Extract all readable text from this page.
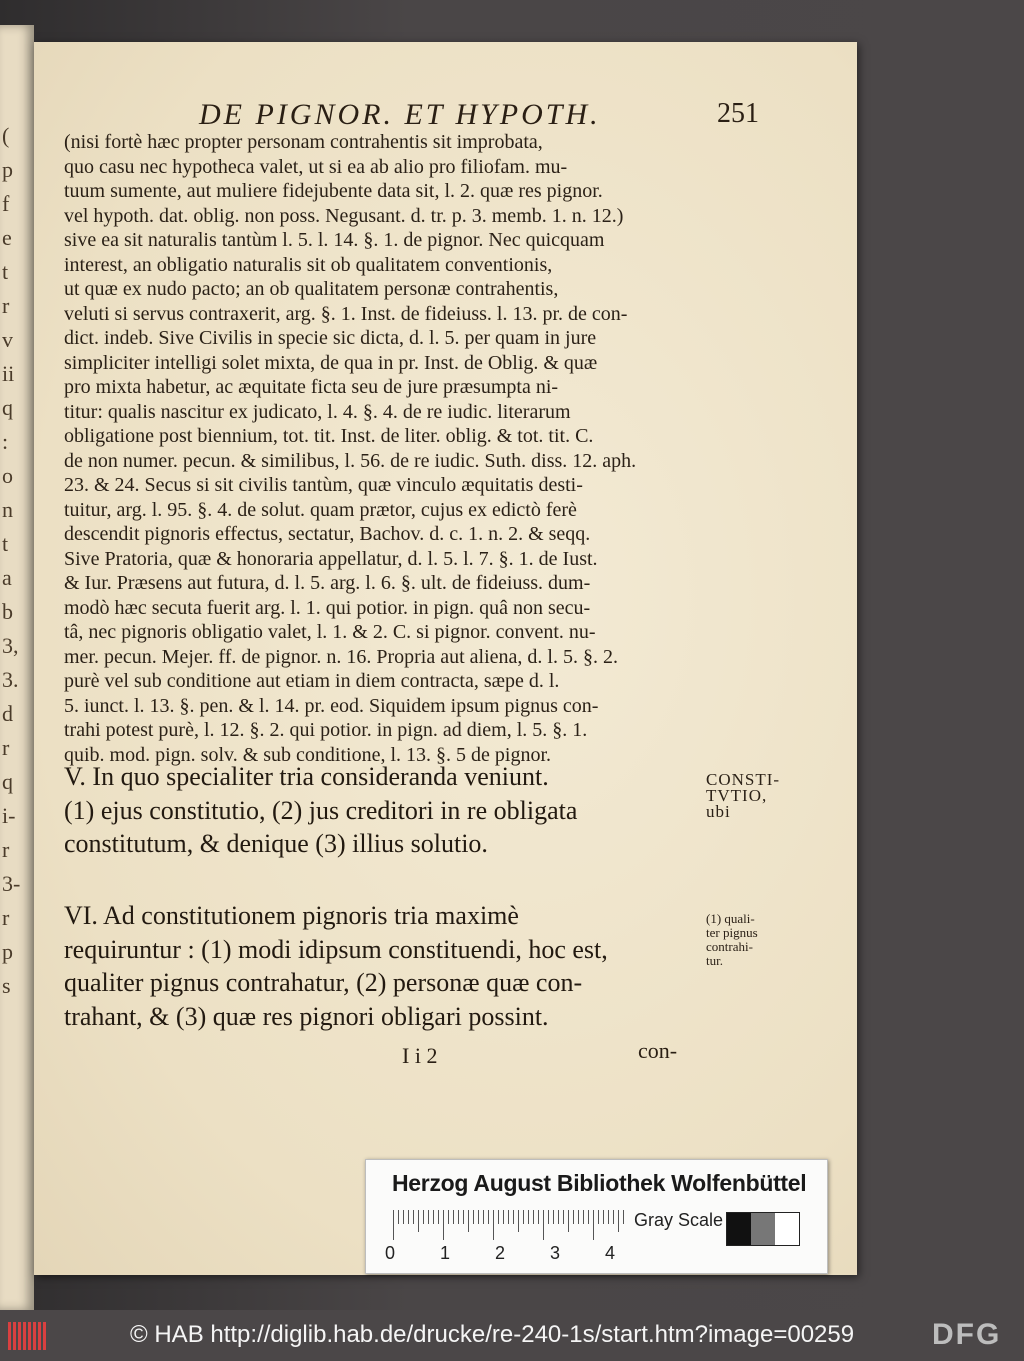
(
p
f
e
t
r
v
ii
q
:
o
n
t
a
b
3,
3.
d
r
q
i-
r
3-
r
p
s
DE PIGNOR. ET HYPOTH.	251
(nisi fortè hæc propter personam contrahentis sit improbata,
quo casu nec hypotheca valet, ut si ea ab alio pro filiofam. mu-
tuum sumente, aut muliere fidejubente data sit, l. 2. quæ res pignor.
vel hypoth. dat. oblig. non poss. Negusant. d. tr. p. 3. memb. 1. n. 12.)
sive ea sit naturalis tantùm l. 5. l. 14. §. 1. de pignor. Nec quicquam
interest, an obligatio naturalis sit ob qualitatem conventionis,
ut quæ ex nudo pacto; an ob qualitatem personæ contrahentis,
veluti si servus contraxerit, arg. §. 1. Inst. de fideiuss. l. 13. pr. de con-
dict. indeb. Sive Civilis in specie sic dicta, d. l. 5. per quam in jure
simpliciter intelligi solet mixta, de qua in pr. Inst. de Oblig. & quæ
pro mixta habetur, ac æquitate ficta seu de jure præsumpta ni-
titur: qualis nascitur ex judicato, l. 4. §. 4. de re iudic. literarum
obligatione post biennium, tot. tit. Inst. de liter. oblig. & tot. tit. C.
de non numer. pecun. & similibus, l. 56. de re iudic. Suth. diss. 12. aph.
23. & 24. Secus si sit civilis tantùm, quæ vinculo æquitatis desti-
tuitur, arg. l. 95. §. 4. de solut. quam prætor, cujus ex edictò ferè
descendit pignoris effectus, sectatur, Bachov. d. c. 1. n. 2. & seqq.
Sive Pratoria, quæ & honoraria appellatur, d. l. 5. l. 7. §. 1. de Iust.
& Iur. Præsens aut futura, d. l. 5. arg. l. 6. §. ult. de fideiuss. dum-
modò hæc secuta fuerit arg. l. 1. qui potior. in pign. quâ non secu-
tâ, nec pignoris obligatio valet, l. 1. & 2. C. si pignor. convent. nu-
mer. pecun. Mejer. ff. de pignor. n. 16. Propria aut aliena, d. l. 5. §. 2.
purè vel sub conditione aut etiam in diem contracta, sæpe d. l.
5. iunct. l. 13. §. pen. & l. 14. pr. eod. Siquidem ipsum pignus con-
trahi potest purè, l. 12. §. 2. qui potior. in pign. ad diem, l. 5. §. 1.
quib. mod. pign. solv. & sub conditione, l. 13. §. 5 de pignor.
V. In quo specialiter tria consideranda veniunt.
(1) ejus constitutio, (2) jus creditori in re obligata
constitutum, & denique (3) illius solutio.
CONSTI-
TVTIO,
ubi
VI. Ad constitutionem pignoris tria maximè
requiruntur : (1) modi idipsum constituendi, hoc est,
qualiter pignus contrahatur, (2) personæ quæ con-
trahant, & (3) quæ res pignori obligari possint.
(1) quali-
ter pignus
contrahi-
tur.
I i 2	con-
Herzog August Bibliothek Wolfenbüttel
0 1 2 3 4
Gray Scale
© HAB http://diglib.hab.de/drucke/re-240-1s/start.htm?image=00259	DFG
